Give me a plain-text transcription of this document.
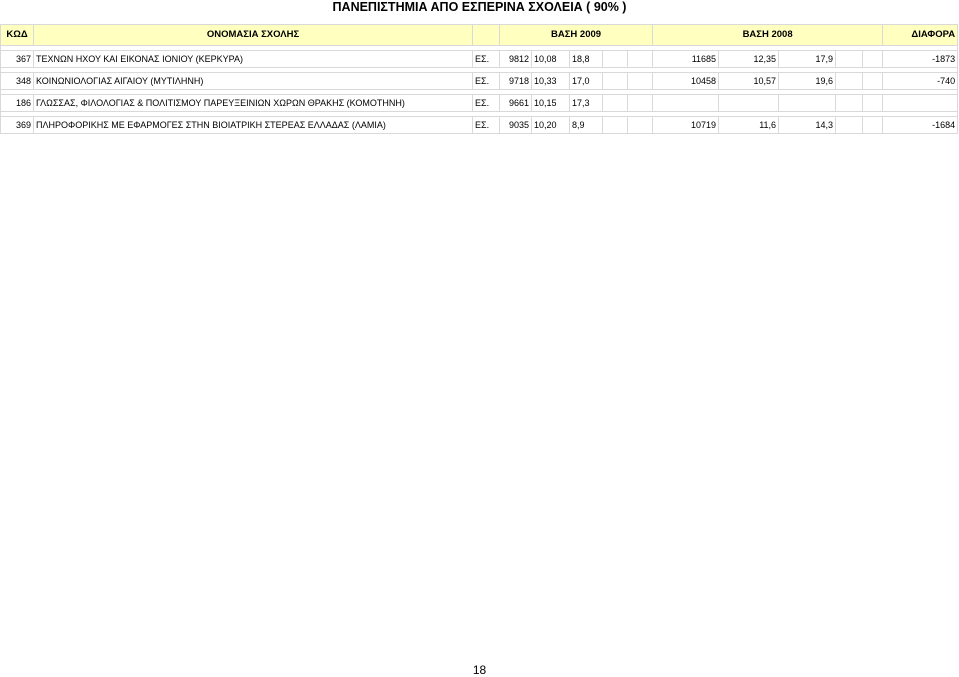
ΠΑΝΕΠΙΣΤΗΜΙΑ ΑΠΟ ΕΣΠΕΡΙΝΑ ΣΧΟΛΕΙΑ ( 90% )
ΚΩΔ	ΟΝΟΜΑΣΙΑ ΣΧΟΛΗΣ		ΒΑΣΗ 2009					ΒΑΣΗ 2008					ΔΙΑΦΟΡΑ

367	ΤΕΧΝΩΝ ΗΧΟΥ ΚΑΙ ΕΙΚΟΝΑΣ ΙΟΝΙΟΥ (ΚΕΡΚΥΡΑ)	ΕΣ.	9812	10,08	18,8			11685	12,35	17,9			-1873

348	ΚΟΙΝΩΝΙΟΛΟΓΙΑΣ ΑΙΓΑΙΟΥ (ΜΥΤΙΛΗΝΗ)	ΕΣ.	9718	10,33	17,0			10458	10,57	19,6			-740

186	ΓΛΩΣΣΑΣ, ΦΙΛΟΛΟΓΙΑΣ & ΠΟΛΙΤΙΣΜΟΥ ΠΑΡΕΥΞΕΙΝΙΩΝ ΧΩΡΩΝ ΘΡΑΚΗΣ (ΚΟΜΟΤΗΝΗ)	ΕΣ.	9661	10,15	17,3								

369	ΠΛΗΡΟΦΟΡΙΚΗΣ ΜΕ ΕΦΑΡΜΟΓΕΣ ΣΤΗΝ ΒΙΟΙΑΤΡΙΚΗ ΣΤΕΡΕΑΣ ΕΛΛΑΔΑΣ (ΛΑΜΙΑ)	ΕΣ.	9035	10,20	8,9			10719	11,6	14,3			-1684
18
